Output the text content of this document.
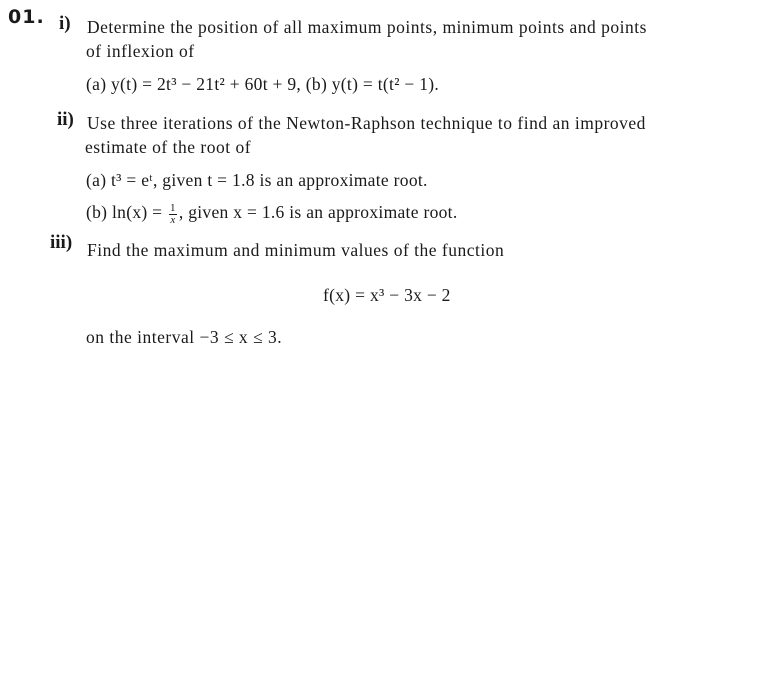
01. i) Determine the position of all maximum points, minimum points and points
of inflexion of
(a) y(t) = 2t³ − 21t² + 60t + 9, (b) y(t) = t(t² − 1).
ii) Use three iterations of the Newton-Raphson technique to find an improved
estimate of the root of
(a) t³ = eᵗ, given t = 1.8 is an approximate root.
(b) $\ln(x) = \frac{1}{x}$ , given x = 1.6 is an approximate root.
iii) Find the maximum and minimum values of the function
f(x) = x³ − 3x − 2
on the interval −3 ≤ x ≤ 3.
